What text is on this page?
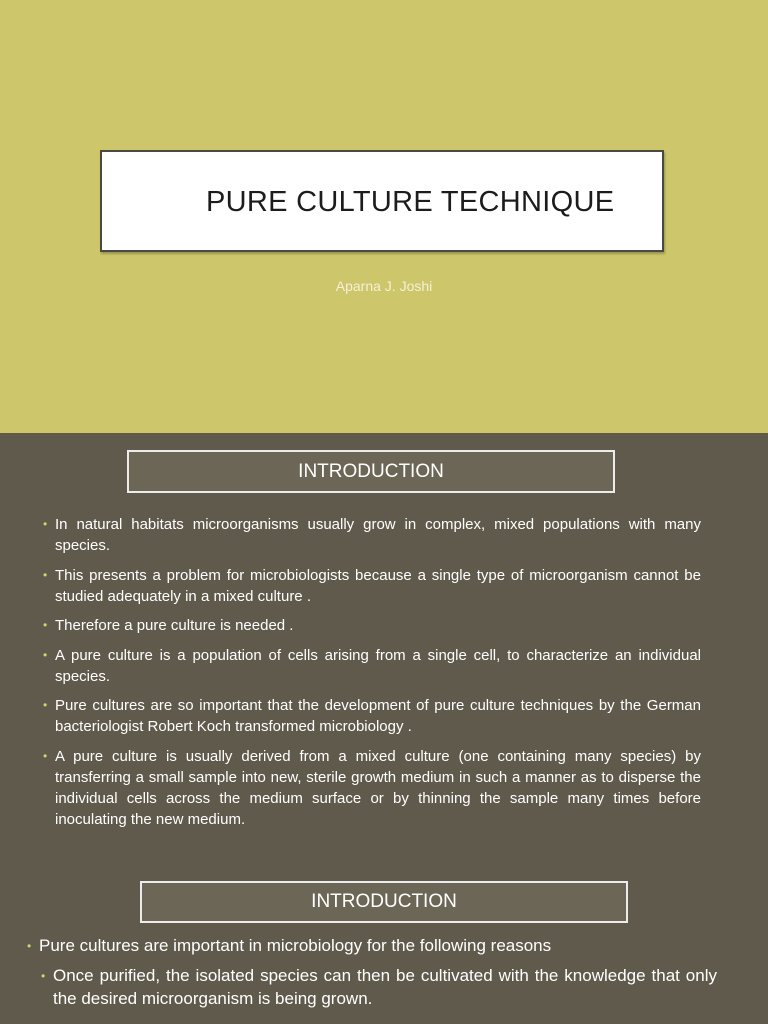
PURE CULTURE TECHNIQUE
Aparna J. Joshi
INTRODUCTION
• In natural habitats microorganisms usually grow in complex, mixed populations with many species.
• This presents a problem for microbiologists because a single type of microorganism cannot be studied adequately in a mixed culture .
• Therefore a pure culture is needed .
• A pure culture is a population of cells arising from a single cell, to characterize an individual species.
• Pure cultures are so important that the development of pure culture techniques by the German bacteriologist Robert Koch transformed microbiology .
• A pure culture is usually derived from a mixed culture (one containing many species) by transferring a small sample into new, sterile growth medium in such a manner as to disperse the individual cells across the medium surface or by thinning the sample many times before inoculating the new medium.
INTRODUCTION
• Pure cultures are important in microbiology for the following reasons
• Once purified, the isolated species can then be cultivated with the knowledge that only the desired microorganism is being grown.
